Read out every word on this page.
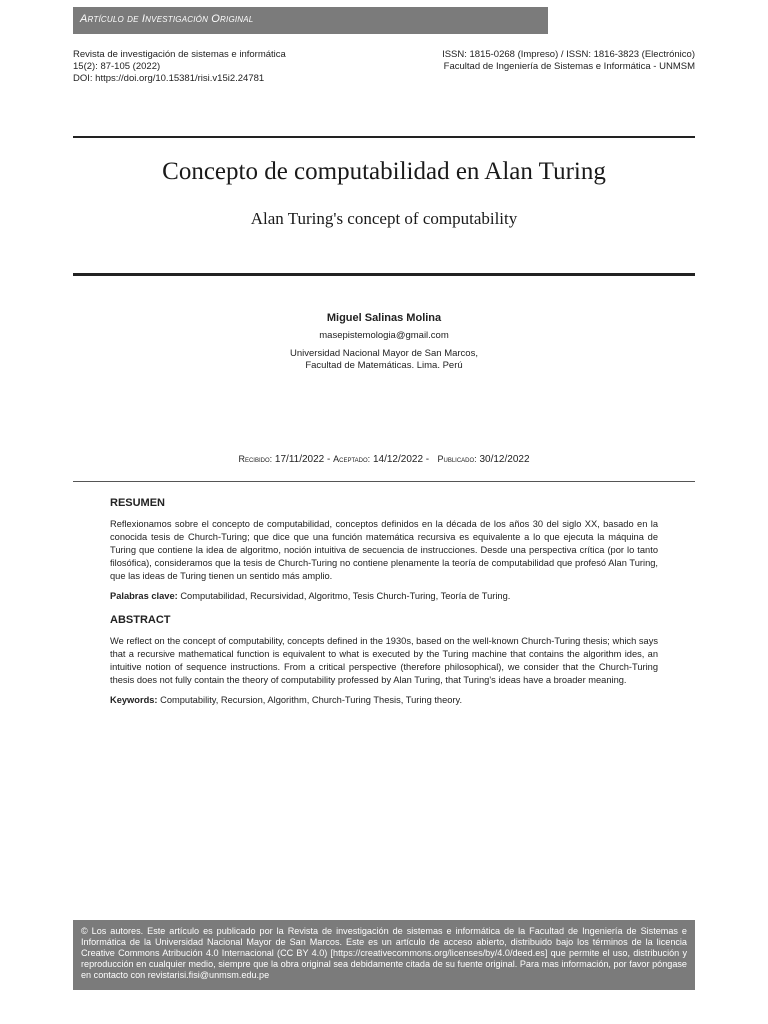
Artículo de Investigación Original
Revista de investigación de sistemas e informática
15(2): 87-105 (2022)
DOI: https://doi.org/10.15381/risi.v15i2.24781
ISSN: 1815-0268 (Impreso) / ISSN: 1816-3823 (Electrónico)
Facultad de Ingeniería de Sistemas e Informática - UNMSM
Concepto de computabilidad en Alan Turing
Alan Turing's concept of computability
Miguel Salinas Molina
masepistemologia@gmail.com
Universidad Nacional Mayor de San Marcos,
Facultad de Matemáticas. Lima. Perú
Recibido: 17/11/2022 - Aceptado: 14/12/2022 -   Publicado: 30/12/2022

RESUMEN

Reflexionamos sobre el concepto de computabilidad, conceptos definidos en la década de los años 30 del siglo XX, basado en la conocida tesis de Church-Turing; que dice que una función matemática recursiva es equivalente a lo que ejecuta la máquina de Turing que contiene la idea de algoritmo, noción intuitiva de secuencia de instrucciones. Desde una perspectiva crítica (por lo tanto filosófica), consideramos que la tesis de Church-Turing no contiene plenamente la teoría de computabilidad que profesó Alan Turing, que las ideas de Turing tienen un sentido más amplio.

Palabras clave: Computabilidad, Recursividad, Algoritmo, Tesis Church-Turing, Teoría de Turing.

ABSTRACT

We reflect on the concept of computability, concepts defined in the 1930s, based on the well-known Church-Turing thesis; which says that a recursive mathematical function is equivalent to what is executed by the Turing machine that contains the algorithm ides, an intuitive notion of sequence instructions. From a critical perspective (therefore philosophical), we consider that the Church-Turing thesis does not fully contain the theory of computability professed by Alan Turing, that Turing's ideas have a broader meaning.

Keywords: Computability, Recursion, Algorithm, Church-Turing Thesis, Turing theory.

© Los autores. Este artículo es publicado por la Revista de investigación de sistemas e informática de la Facultad de Ingeniería de Sistemas e Informática de la Universidad Nacional Mayor de San Marcos. Este es un artículo de acceso abierto, distribuido bajo los términos de la licencia Creative Commons Atribución 4.0 Internacional (CC BY 4.0) [https://creativecommons.org/licenses/by/4.0/deed.es] que permite el uso, distribución y reproducción en cualquier medio, siempre que la obra original sea debidamente citada de su fuente original. Para mas información, por favor póngase en contacto con revistarisi.fisi@unmsm.edu.pe
